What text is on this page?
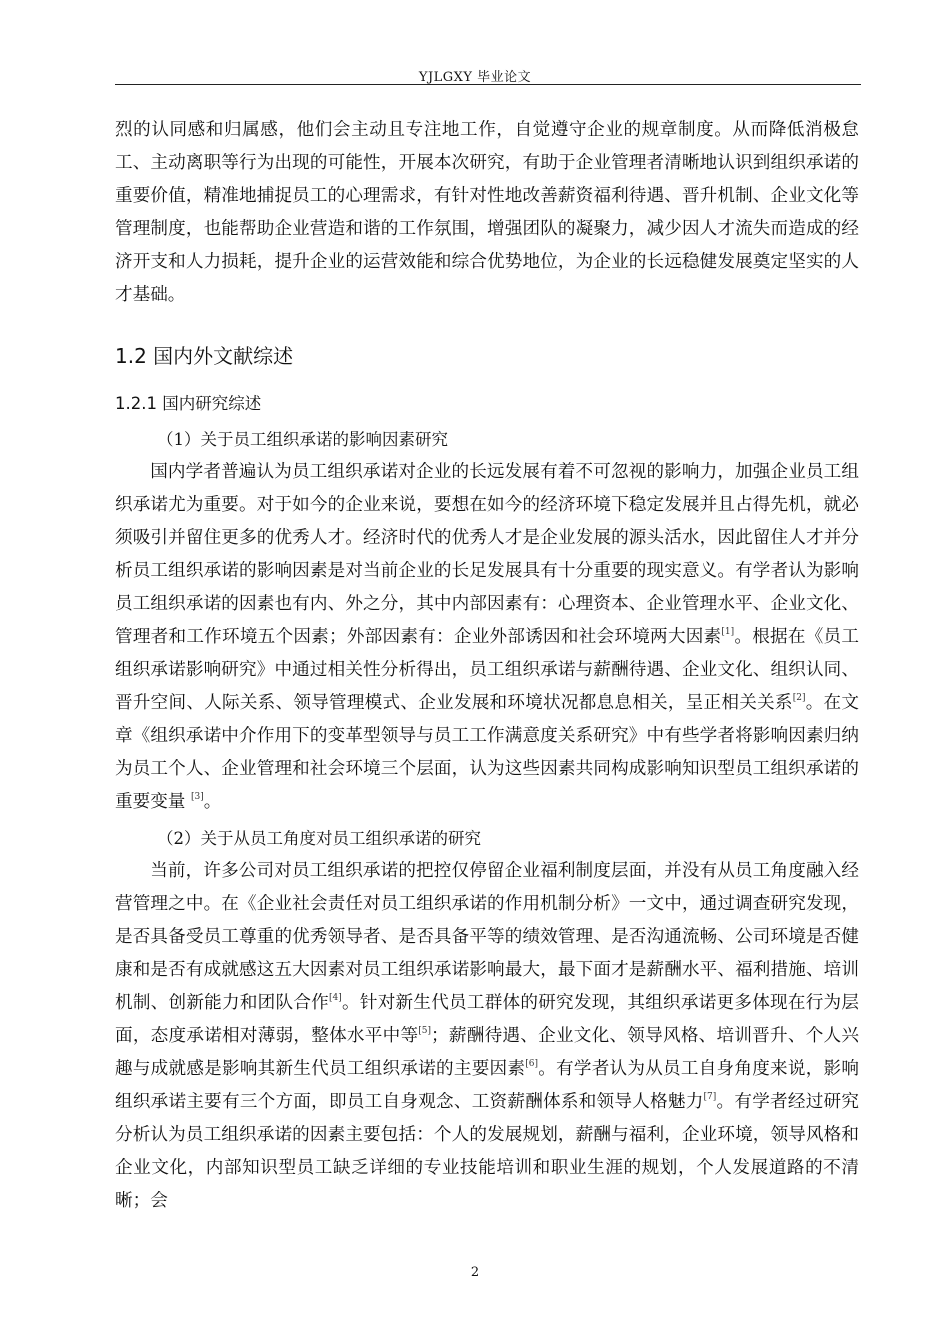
YJLGXY 毕业论文

烈的认同感和归属感，他们会主动且专注地工作，自觉遵守企业的规章制度。从而降低消极怠工、主动离职等行为出现的可能性，开展本次研究，有助于企业管理者清晰地认识到组织承诺的重要价值，精准地捕捉员工的心理需求，有针对性地改善薪资福利待遇、晋升机制、企业文化等管理制度，也能帮助企业营造和谐的工作氛围，增强团队的凝聚力，减少因人才流失而造成的经济开支和人力损耗，提升企业的运营效能和综合优势地位，为企业的长远稳健发展奠定坚实的人才基础。

1.2 国内外文献综述
1.2.1 国内研究综述
（1）关于员工组织承诺的影响因素研究

国内学者普遍认为员工组织承诺对企业的长远发展有着不可忽视的影响力，加强企业员工组织承诺尤为重要。对于如今的企业来说，要想在如今的经济环境下稳定发展并且占得先机，就必须吸引并留住更多的优秀人才。经济时代的优秀人才是企业发展的源头活水，因此留住人才并分析员工组织承诺的影响因素是对当前企业的长足发展具有十分重要的现实意义。有学者认为影响员工组织承诺的因素也有内、外之分，其中内部因素有：心理资本、企业管理水平、企业文化、管理者和工作环境五个因素；外部因素有：企业外部诱因和社会环境两大因素[1]。根据在《员工组织承诺影响研究》中通过相关性分析得出，员工组织承诺与薪酬待遇、企业文化、组织认同、晋升空间、人际关系、领导管理模式、企业发展和环境状况都息息相关，呈正相关关系[2]。在文章《组织承诺中介作用下的变革型领导与员工工作满意度关系研究》中有些学者将影响因素归纳为员工个人、企业管理和社会环境三个层面，认为这些因素共同构成影响知识型员工组织承诺的重要变量 [3]。

（2）关于从员工角度对员工组织承诺的研究

当前，许多公司对员工组织承诺的把控仅停留企业福利制度层面，并没有从员工角度融入经营管理之中。在《企业社会责任对员工组织承诺的作用机制分析》一文中，通过调查研究发现，是否具备受员工尊重的优秀领导者、是否具备平等的绩效管理、是否沟通流畅、公司环境是否健康和是否有成就感这五大因素对员工组织承诺影响最大，最下面才是薪酬水平、福利措施、培训机制、创新能力和团队合作[4]。针对新生代员工群体的研究发现，其组织承诺更多体现在行为层面，态度承诺相对薄弱，整体水平中等[5]；薪酬待遇、企业文化、领导风格、培训晋升、个人兴趣与成就感是影响其新生代员工组织承诺的主要因素[6]。有学者认为从员工自身角度来说，影响组织承诺主要有三个方面，即员工自身观念、工资薪酬体系和领导人格魅力[7]。有学者经过研究分析认为员工组织承诺的因素主要包括：个人的发展规划，薪酬与福利，企业环境，领导风格和企业文化，内部知识型员工缺乏详细的专业技能培训和职业生涯的规划，个人发展道路的不清晰；会

2
